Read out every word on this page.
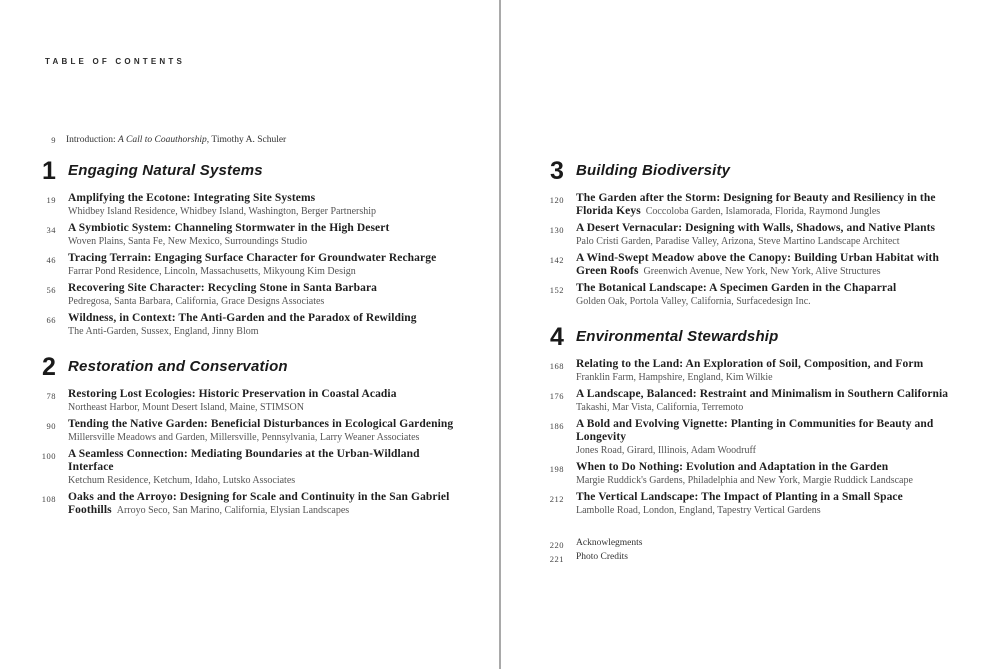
TABLE OF CONTENTS
9 Introduction: A Call to Coauthorship, Timothy A. Schuler
1 Engaging Natural Systems
19 Amplifying the Ecotone: Integrating Site Systems
Whidbey Island Residence, Whidbey Island, Washington, Berger Partnership
34 A Symbiotic System: Channeling Stormwater in the High Desert
Woven Plains, Santa Fe, New Mexico, Surroundings Studio
46 Tracing Terrain: Engaging Surface Character for Groundwater Recharge
Farrar Pond Residence, Lincoln, Massachusetts, Mikyoung Kim Design
56 Recovering Site Character: Recycling Stone in Santa Barbara
Pedregosa, Santa Barbara, California, Grace Designs Associates
66 Wildness, in Context: The Anti-Garden and the Paradox of Rewilding
The Anti-Garden, Sussex, England, Jinny Blom
2 Restoration and Conservation
78 Restoring Lost Ecologies: Historic Preservation in Coastal Acadia
Northeast Harbor, Mount Desert Island, Maine, STIMSON
90 Tending the Native Garden: Beneficial Disturbances in Ecological Gardening
Millersville Meadows and Garden, Millersville, Pennsylvania, Larry Weaner Associates
100 A Seamless Connection: Mediating Boundaries at the Urban-Wildland Interface
Ketchum Residence, Ketchum, Idaho, Lutsko Associates
108 Oaks and the Arroyo: Designing for Scale and Continuity in the San Gabriel Foothills Arroyo Seco, San Marino, California, Elysian Landscapes
3 Building Biodiversity
120 The Garden after the Storm: Designing for Beauty and Resiliency in the Florida Keys Coccoloba Garden, Islamorada, Florida, Raymond Jungles
130 A Desert Vernacular: Designing with Walls, Shadows, and Native Plants
Palo Cristi Garden, Paradise Valley, Arizona, Steve Martino Landscape Architect
142 A Wind-Swept Meadow above the Canopy: Building Urban Habitat with Green Roofs Greenwich Avenue, New York, New York, Alive Structures
152 The Botanical Landscape: A Specimen Garden in the Chaparral
Golden Oak, Portola Valley, California, Surfacedesign Inc.
4 Environmental Stewardship
168 Relating to the Land: An Exploration of Soil, Composition, and Form
Franklin Farm, Hampshire, England, Kim Wilkie
176 A Landscape, Balanced: Restraint and Minimalism in Southern California
Takashi, Mar Vista, California, Terremoto
186 A Bold and Evolving Vignette: Planting in Communities for Beauty and Longevity
Jones Road, Girard, Illinois, Adam Woodruff
198 When to Do Nothing: Evolution and Adaptation in the Garden
Margie Ruddick's Gardens, Philadelphia and New York, Margie Ruddick Landscape
212 The Vertical Landscape: The Impact of Planting in a Small Space
Lambolle Road, London, England, Tapestry Vertical Gardens
220 Acknowlegments
221 Photo Credits
